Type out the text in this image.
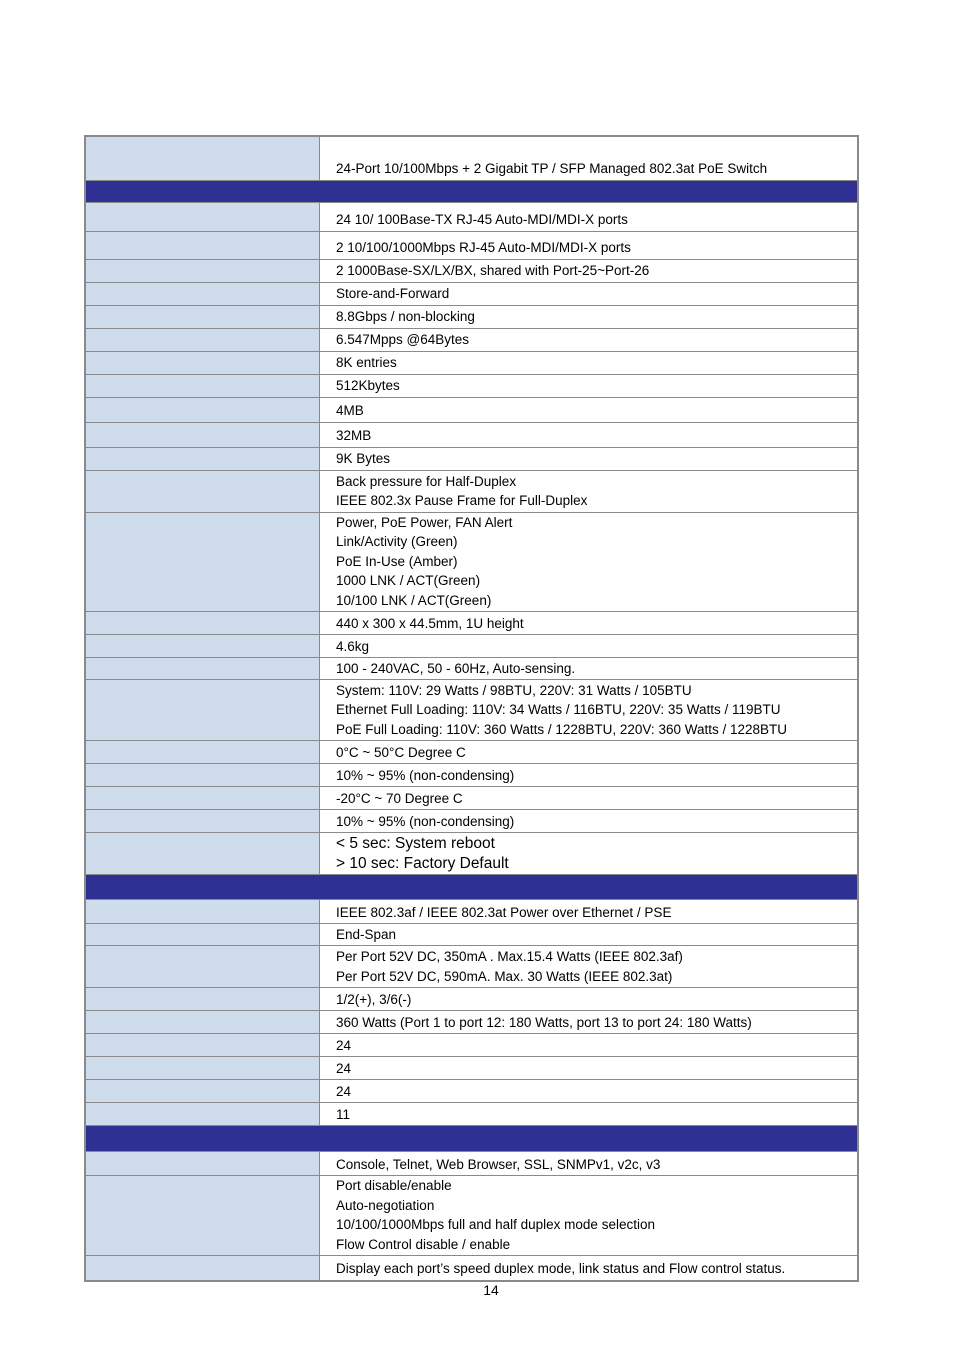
	24-Port 10/100Mbps + 2 Gigabit TP / SFP Managed 802.3at PoE Switch

	24 10/ 100Base-TX RJ-45 Auto-MDI/MDI-X ports

	2 10/100/1000Mbps RJ-45 Auto-MDI/MDI-X ports

	2 1000Base-SX/LX/BX, shared with Port-25~Port-26

	Store-and-Forward

	8.8Gbps / non-blocking

	6.547Mpps @64Bytes

	8K entries

	512Kbytes

	4MB

	32MB

	9K Bytes

	Back pressure for Half-Duplex
IEEE 802.3x Pause Frame for Full-Duplex

	Power, PoE Power, FAN Alert
Link/Activity (Green)
PoE In-Use (Amber)
1000 LNK / ACT(Green)
10/100 LNK / ACT(Green)

	440 x 300 x 44.5mm, 1U height

	4.6kg

	100 - 240VAC, 50 - 60Hz, Auto-sensing.

	System: 110V: 29 Watts / 98BTU, 220V: 31 Watts / 105BTU
Ethernet Full Loading: 110V: 34 Watts / 116BTU, 220V: 35 Watts / 119BTU
PoE Full Loading: 110V: 360 Watts / 1228BTU, 220V: 360 Watts / 1228BTU

	0°C ~ 50°C Degree C

	10% ~ 95% (non-condensing)

	-20°C ~ 70 Degree C

	10% ~ 95% (non-condensing)

	< 5 sec: System reboot
> 10 sec: Factory Default

	IEEE 802.3af / IEEE 802.3at Power over Ethernet / PSE

	End-Span

	Per Port 52V DC, 350mA . Max.15.4 Watts (IEEE 802.3af)
Per Port 52V DC, 590mA. Max. 30 Watts (IEEE 802.3at)

	1/2(+), 3/6(-)

	360 Watts (Port 1 to port 12: 180 Watts, port 13 to port 24: 180 Watts)

	24

	24

	24

	11

	Console, Telnet, Web Browser, SSL, SNMPv1, v2c, v3

	Port disable/enable
Auto-negotiation
10/100/1000Mbps full and half duplex mode selection
Flow Control disable / enable

	Display each port’s speed duplex mode, link status and Flow control status.
14
